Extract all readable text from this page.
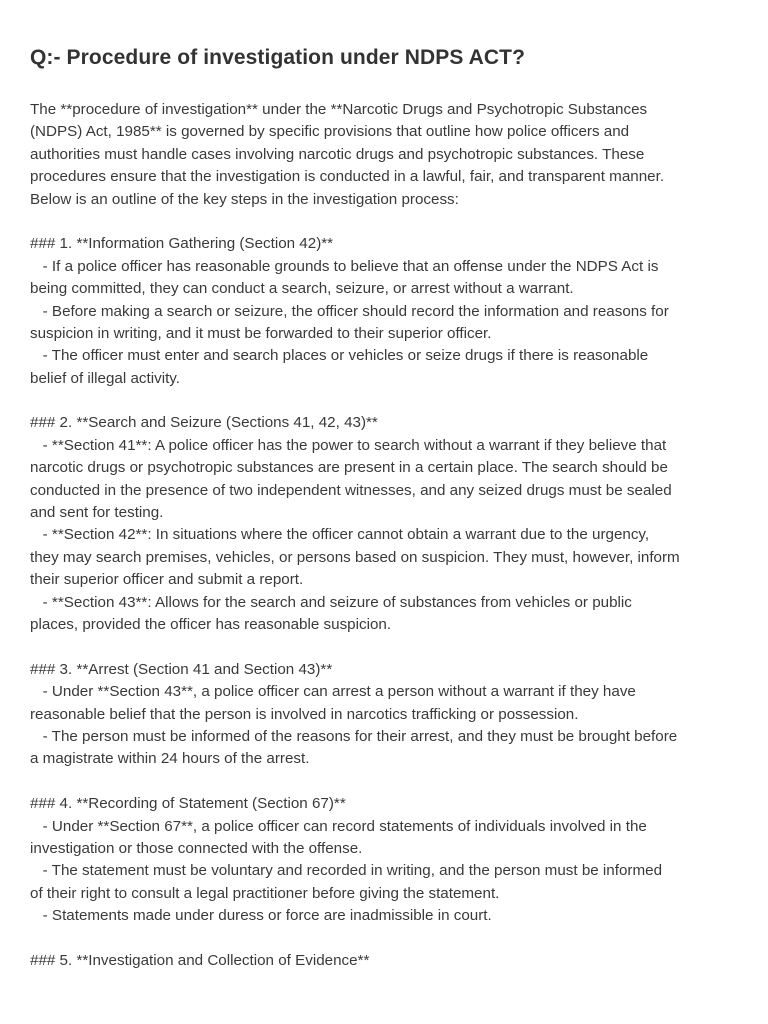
Q:- Procedure of investigation under NDPS ACT?
The **procedure of investigation** under the **Narcotic Drugs and Psychotropic Substances
(NDPS) Act, 1985** is governed by specific provisions that outline how police officers and
authorities must handle cases involving narcotic drugs and psychotropic substances. These
procedures ensure that the investigation is conducted in a lawful, fair, and transparent manner.
Below is an outline of the key steps in the investigation process:
### 1. **Information Gathering (Section 42)**
- If a police officer has reasonable grounds to believe that an offense under the NDPS Act is
being committed, they can conduct a search, seizure, or arrest without a warrant.
- Before making a search or seizure, the officer should record the information and reasons for
suspicion in writing, and it must be forwarded to their superior officer.
- The officer must enter and search places or vehicles or seize drugs if there is reasonable
belief of illegal activity.
### 2. **Search and Seizure (Sections 41, 42, 43)**
- **Section 41**: A police officer has the power to search without a warrant if they believe that
narcotic drugs or psychotropic substances are present in a certain place. The search should be
conducted in the presence of two independent witnesses, and any seized drugs must be sealed
and sent for testing.
- **Section 42**: In situations where the officer cannot obtain a warrant due to the urgency,
they may search premises, vehicles, or persons based on suspicion. They must, however, inform
their superior officer and submit a report.
- **Section 43**: Allows for the search and seizure of substances from vehicles or public
places, provided the officer has reasonable suspicion.
### 3. **Arrest (Section 41 and Section 43)**
- Under **Section 43**, a police officer can arrest a person without a warrant if they have
reasonable belief that the person is involved in narcotics trafficking or possession.
- The person must be informed of the reasons for their arrest, and they must be brought before
a magistrate within 24 hours of the arrest.
### 4. **Recording of Statement (Section 67)**
- Under **Section 67**, a police officer can record statements of individuals involved in the
investigation or those connected with the offense.
- The statement must be voluntary and recorded in writing, and the person must be informed
of their right to consult a legal practitioner before giving the statement.
- Statements made under duress or force are inadmissible in court.
### 5. **Investigation and Collection of Evidence**
